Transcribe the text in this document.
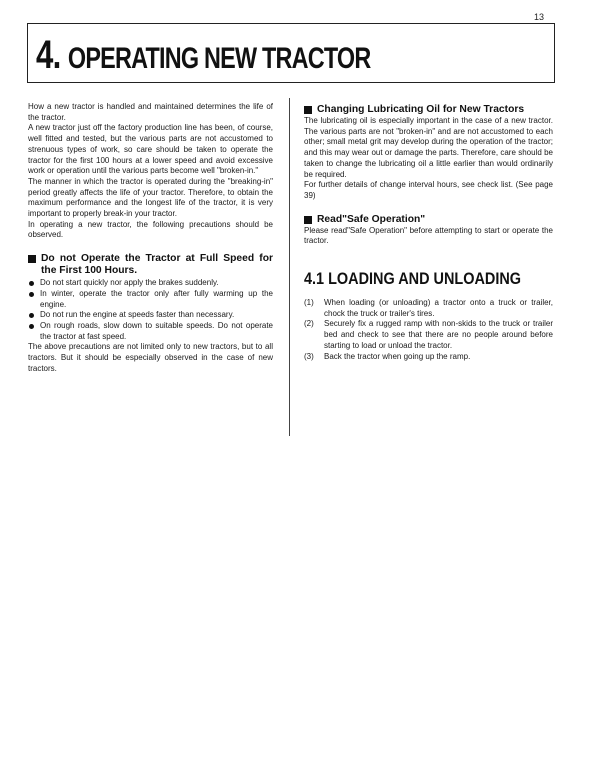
13
4. OPERATING NEW TRACTOR

How a new tractor is handled and maintained determines the life of the tractor.

A new tractor just off the factory production line has been, of course, well fitted and tested, but the various parts are not accustomed to strenuous types of work, so care should be taken to operate the tractor for the first 100 hours at a lower speed and avoid excessive work or operation until the various parts become well "broken-in."

The manner in which the tractor is operated during the "breaking-in" period greatly affects the life of your tractor. Therefore, to obtain the maximum performance and the longest life of the tractor, it is very important to properly break-in your tractor.

In operating a new tractor, the following precautions should be observed.

Do not Operate the Tractor at Full Speed for the First 100 Hours.
Do not start quickly nor apply the brakes suddenly.
In winter, operate the tractor only after fully warming up the engine.
Do not run the engine at speeds faster than necessary.
On rough roads, slow down to suitable speeds. Do not operate the tractor at fast speed.

The above precautions are not limited only to new tractors, but to all tractors. But it should be especially observed in the case of new tractors.

Changing Lubricating Oil for New Tractors

The lubricating oil is especially important in the case of a new tractor. The various parts are not "broken-in" and are not accustomed to each other; small metal grit may develop during the operation of the tractor; and this may wear out or damage the parts. Therefore, care should be taken to change the lubricating oil a little earlier than would ordinarily be required.

For further details of change interval hours, see check list. (See page 39)

Read"Safe Operation"

Please read"Safe Operation" before attempting to start or operate the tractor.

4.1 LOADING AND UNLOADING
(1)	When loading (or unloading) a tractor onto a truck or trailer, chock the truck or trailer's tires.
(2)	Securely fix a rugged ramp with non-skids to the truck or trailer bed and check to see that there are no people around before starting to load or unload the tractor.
(3)	Back the tractor when going up the ramp.
